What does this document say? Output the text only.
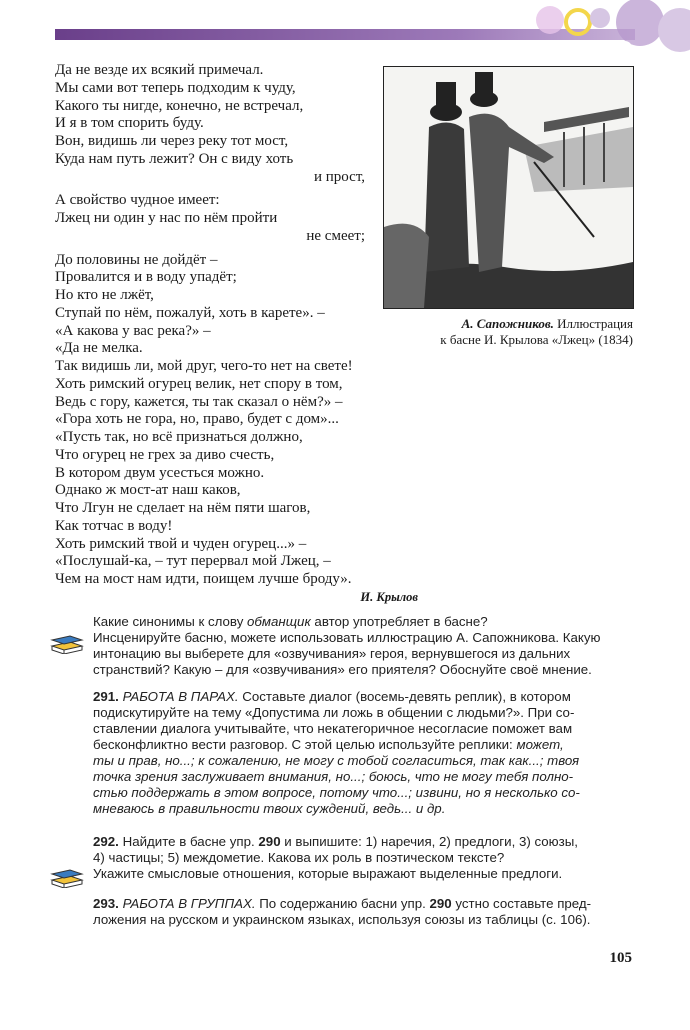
Да не везде их всякий примечал.
Мы сами вот теперь подходим к чуду,
Какого ты нигде, конечно, не встречал,
И я в том спорить буду.
Вон, видишь ли через реку тот мост,
Куда нам путь лежит? Он с виду хоть
и прост,
А свойство чудное имеет:
Лжец ни один у нас по нём пройти
не смеет;
До половины не дойдёт –
Провалится и в воду упадёт;
Но кто не лжёт,
Ступай по нём, пожалуй, хоть в карете». –
«А какова у вас река?» –
«Да не мелка.
Так видишь ли, мой друг, чего-то нет на свете!
Хоть римский огурец велик, нет спору в том,
Ведь с гору, кажется, ты так сказал о нём?» –
«Гора хоть не гора, но, право, будет с дом»...
«Пусть так, но всё признаться должно,
Что огурец не грех за диво счесть,
В котором двум усесться можно.
Однако ж мост-ат наш каков,
Что Лгун не сделает на нём пяти шагов,
Как тотчас в воду!
Хоть римский твой и чуден огурец...» –
«Послушай-ка, – тут перервал мой Лжец, –
Чем на мост нам идти, поищем лучше броду».
И. Крылов
А. Сапожников. Иллюстрация
к басне И. Крылова «Лжец» (1834)
Какие синонимы к слову обманщик автор употребляет в басне?
Инсценируйте басню, можете использовать иллюстрацию А. Сапожникова. Какую
интонацию вы выберете для «озвучивания» героя, вернувшегося из дальних
странствий? Какую – для «озвучивания» его приятеля? Обоснуйте своё мнение.
291. РАБОТА В ПАРАХ. Составьте диалог (восемь-девять реплик), в котором
подискутируйте на тему «Допустима ли ложь в общении с людьми?». При со-
ставлении диалога учитывайте, что некатегоричное несогласие поможет вам
бесконфликтно вести разговор. С этой целью используйте реплики: может,
ты и прав, но...; к сожалению, не могу с тобой согласиться, так как...; твоя
точка зрения заслуживает внимания, но...; боюсь, что не могу тебя полно-
стью поддержать в этом вопросе, потому что...; извини, но я несколько со-
мневаюсь в правильности твоих суждений, ведь... и др.
292. Найдите в басне упр. 290 и выпишите: 1) наречия, 2) предлоги, 3) союзы,
4) частицы; 5) междометие. Какова их роль в поэтическом тексте?
Укажите смысловые отношения, которые выражают выделенные предлоги.
293. РАБОТА В ГРУППАХ. По содержанию басни упр. 290 устно составьте пред-
ложения на русском и украинском языках, используя союзы из таблицы (с. 106).
105
